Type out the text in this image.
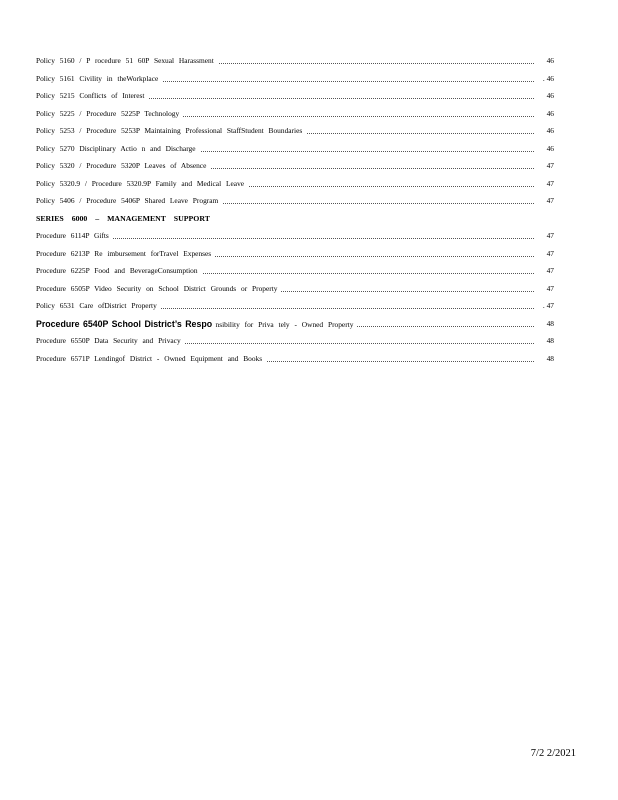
Policy 5160 / P rocedure 51 60P Sexual Harassment	46
Policy 5161 Civility in theWorkplace	. 46
Policy 5215 Conflicts of Interest	46
Policy 5225 / Procedure 5225P Technology	46
Policy 5253 / Procedure 5253P Maintaining Professional StaffStudent Boundaries	46
Policy 5270 Disciplinary Actio n and Discharge	46
Policy 5320 / Procedure 5320P Leaves of Absence	47
Policy 5320.9 / Procedure 5320.9P Family and Medical Leave	47
Policy 5406 / Procedure 5406P Shared Leave Program	47
SERIES 6000 – MANAGEMENT SUPPORT
Procedure 6114P Gifts	47
Procedure 6213P Re imbursement forTravel Expenses	47
Procedure 6225P Food and BeverageConsumption	47
Procedure 6505P Video Security on School District Grounds or Property	47
Policy 6531 Care ofDistrict Property	. 47
Procedure 6540P School District’s Respo nsibility for Priva tely - Owned Property	48
Procedure 6550P Data Security and Privacy	48
Procedure 6571P Lendingof District - Owned Equipment and Books	48
7/2 2/2021
